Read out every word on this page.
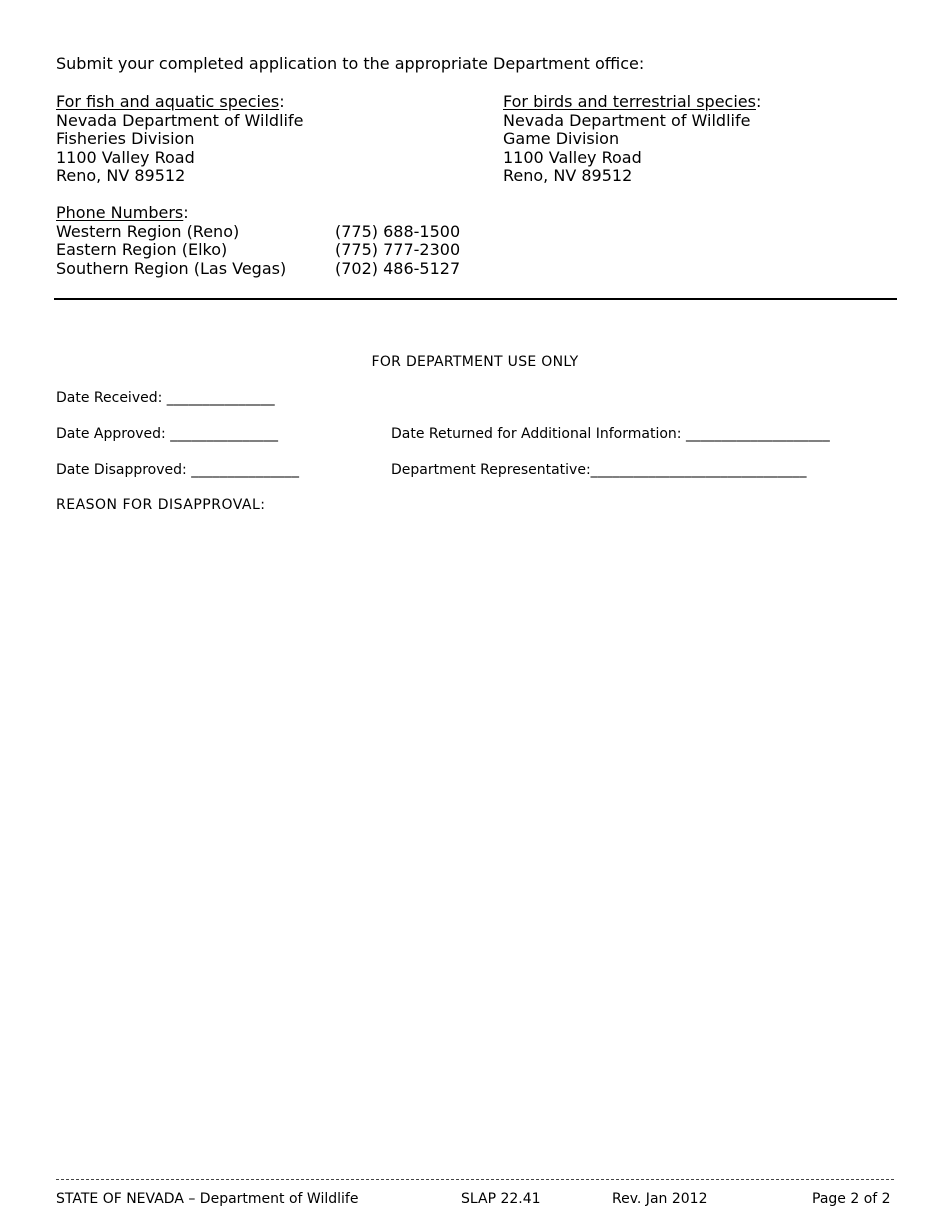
Submit your completed application to the appropriate Department office:
For fish and aquatic species:
Nevada Department of Wildlife
Fisheries Division
1100 Valley Road
Reno, NV 89512
For birds and terrestrial species:
Nevada Department of Wildlife
Game Division
1100 Valley Road
Reno, NV 89512
Phone Numbers:
Western Region (Reno)	(775) 688-1500
Eastern Region (Elko)	(775) 777-2300
Southern Region (Las Vegas)	(702) 486-5127
FOR DEPARTMENT USE ONLY
Date Received: _______________
Date Approved: _______________	Date Returned for Additional Information: ____________________
Date Disapproved: _______________	Department Representative:______________________________
REASON FOR DISAPPROVAL:
STATE OF NEVADA – Department of Wildlife	SLAP 22.41	Rev. Jan 2012	Page 2 of 2
